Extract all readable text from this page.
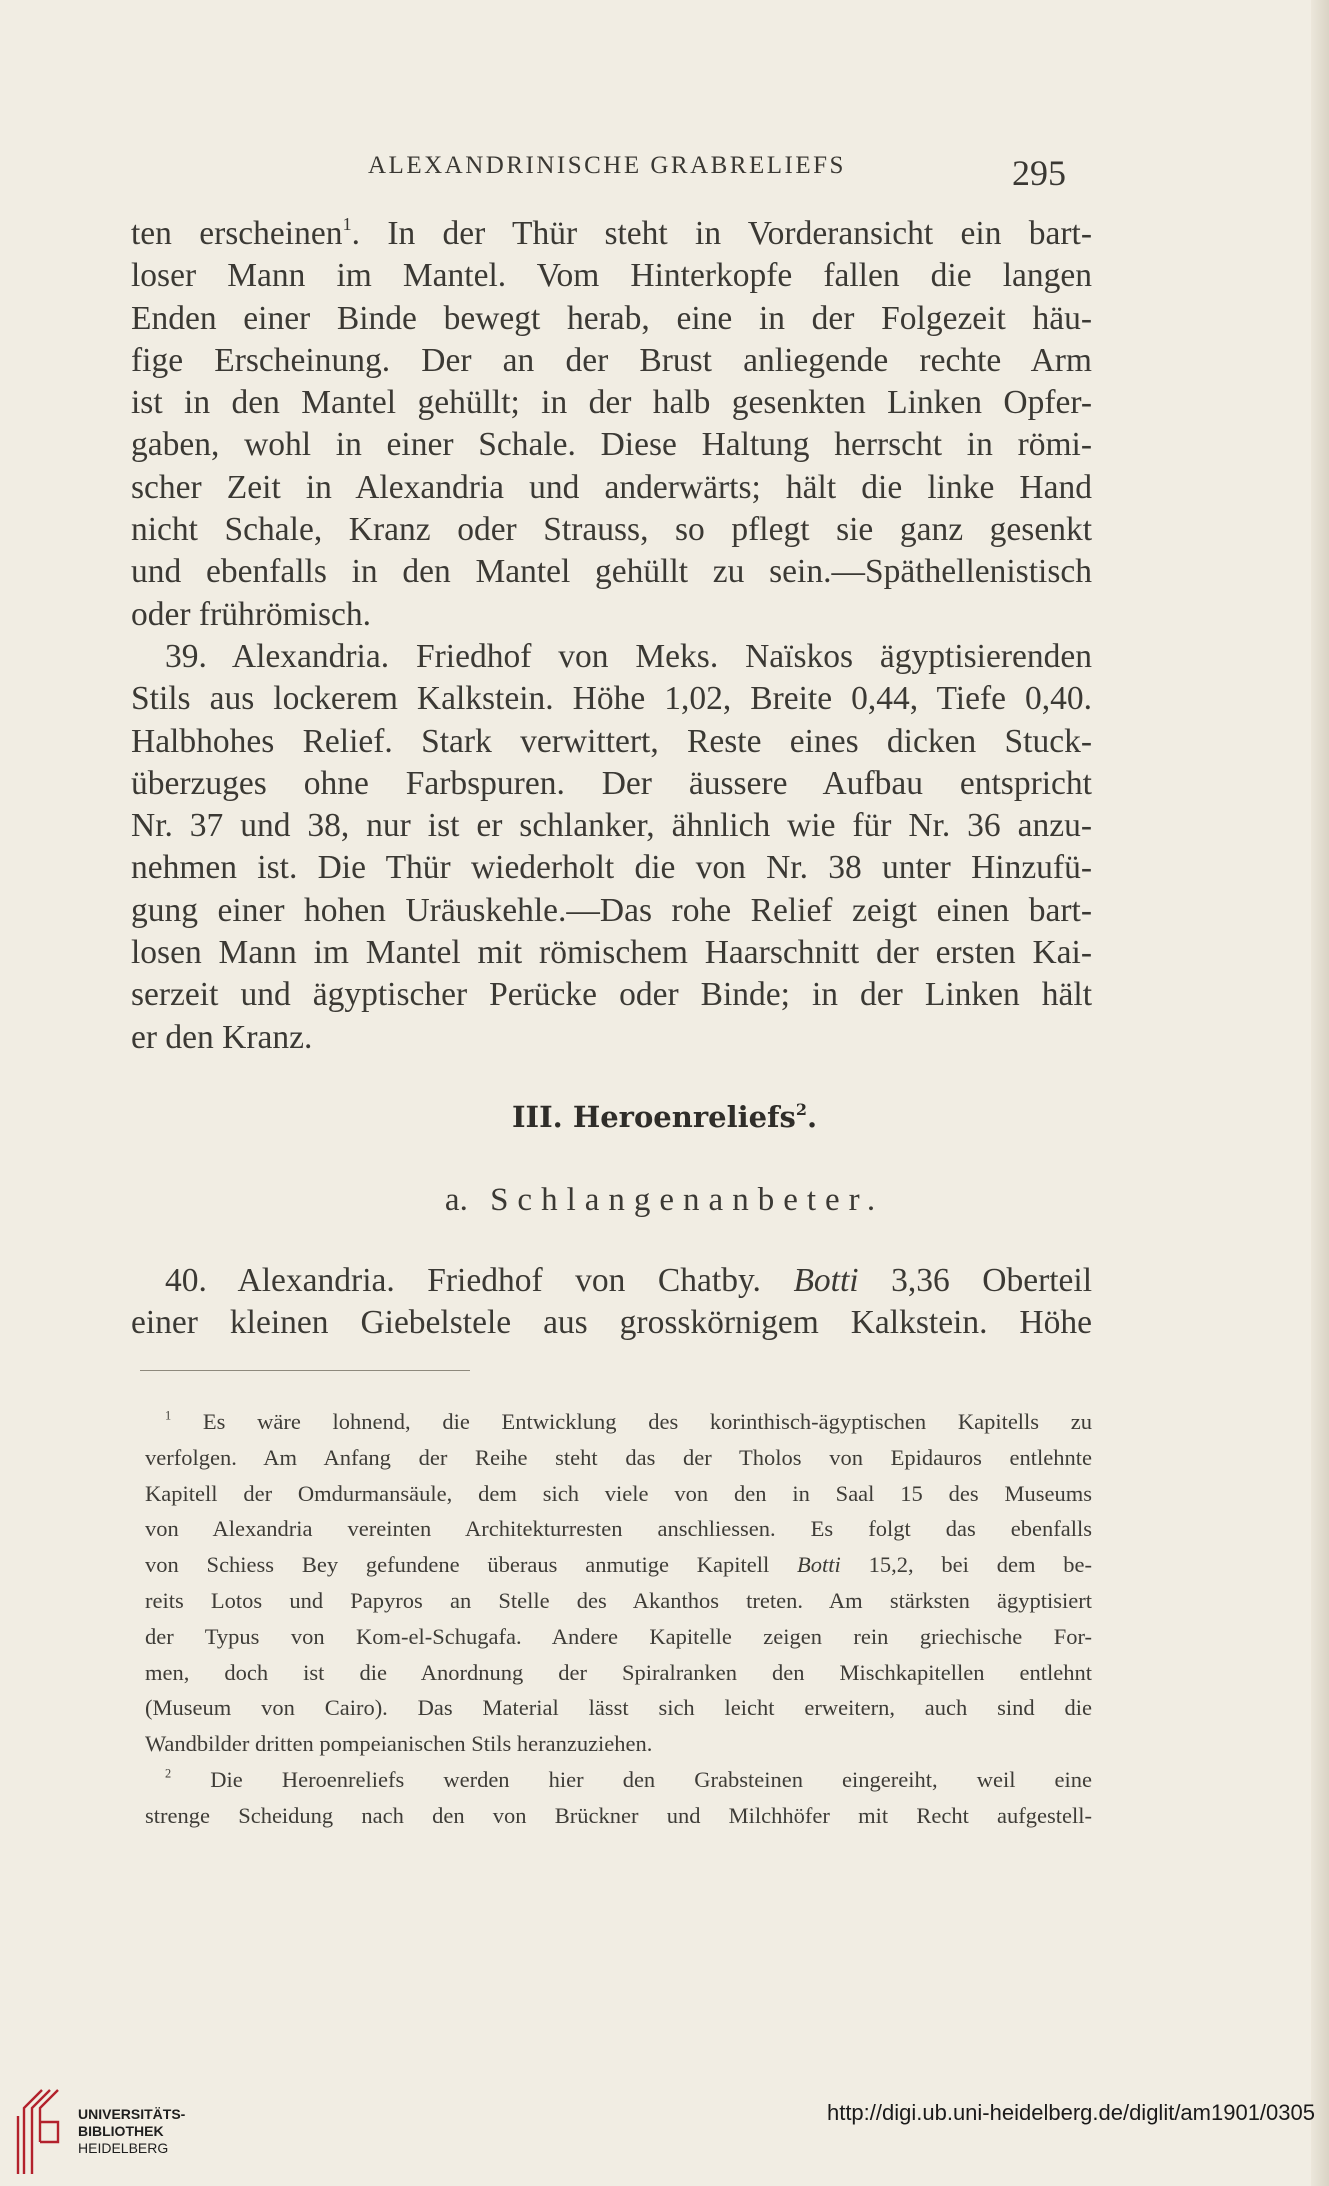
ALEXANDRINISCHE GRABRELIEFS	295
ten erscheinen$^1$. In der Thür steht in Vorderansicht ein bart-
loser Mann im Mantel. Vom Hinterkopfe fallen die langen
Enden einer Binde bewegt herab, eine in der Folgezeit häu-
fige Erscheinung. Der an der Brust anliegende rechte Arm
ist in den Mantel gehüllt; in der halb gesenkten Linken Opfer-
gaben, wohl in einer Schale. Diese Haltung herrscht in römi-
scher Zeit in Alexandria und anderwärts; hält die linke Hand
nicht Schale, Kranz oder Strauss, so pflegt sie ganz gesenkt
und ebenfalls in den Mantel gehüllt zu sein.—Späthellenistisch
oder frührömisch.
39. Alexandria. Friedhof von Meks. Naïskos ägyptisierenden
Stils aus lockerem Kalkstein. Höhe 1,02, Breite 0,44, Tiefe 0,40.
Halbhohes Relief. Stark verwittert, Reste eines dicken Stuck-
überzuges ohne Farbspuren. Der äussere Aufbau entspricht
Nr. 37 und 38, nur ist er schlanker, ähnlich wie für Nr. 36 anzu-
nehmen ist. Die Thür wiederholt die von Nr. 38 unter Hinzufü-
gung einer hohen Uräuskehle.—Das rohe Relief zeigt einen bart-
losen Mann im Mantel mit römischem Haarschnitt der ersten Kai-
serzeit und ägyptischer Perücke oder Binde; in der Linken hält
er den Kranz.
III. Heroenreliefs$^2$.
a. Schlangenanbeter.
40. Alexandria. Friedhof von Chatby. Botti 3,36 Oberteil
einer kleinen Giebelstele aus grosskörnigem Kalkstein. Höhe
$^1$ Es wäre lohnend, die Entwicklung des korinthisch-ägyptischen Kapitells zu
verfolgen. Am Anfang der Reihe steht das der Tholos von Epidauros entlehnte
Kapitell der Omdurmansäule, dem sich viele von den in Saal 15 des Museums
von Alexandria vereinten Architekturresten anschliessen. Es folgt das ebenfalls
von Schiess Bey gefundene überaus anmutige Kapitell Botti 15,2, bei dem be-
reits Lotos und Papyros an Stelle des Akanthos treten. Am stärksten ägyptisiert
der Typus von Kom-el-Schugafa. Andere Kapitelle zeigen rein griechische For-
men, doch ist die Anordnung der Spiralranken den Mischkapitellen entlehnt
(Museum von Cairo). Das Material lässt sich leicht erweitern, auch sind die
Wandbilder dritten pompeianischen Stils heranzuziehen.
$^2$ Die Heroenreliefs werden hier den Grabsteinen eingereiht, weil eine
strenge Scheidung nach den von Brückner und Milchhöfer mit Recht aufgestell-
UNIVERSITÄTS-
BIBLIOTHEK
HEIDELBERG
http://digi.ub.uni-heidelberg.de/diglit/am1901/0305
